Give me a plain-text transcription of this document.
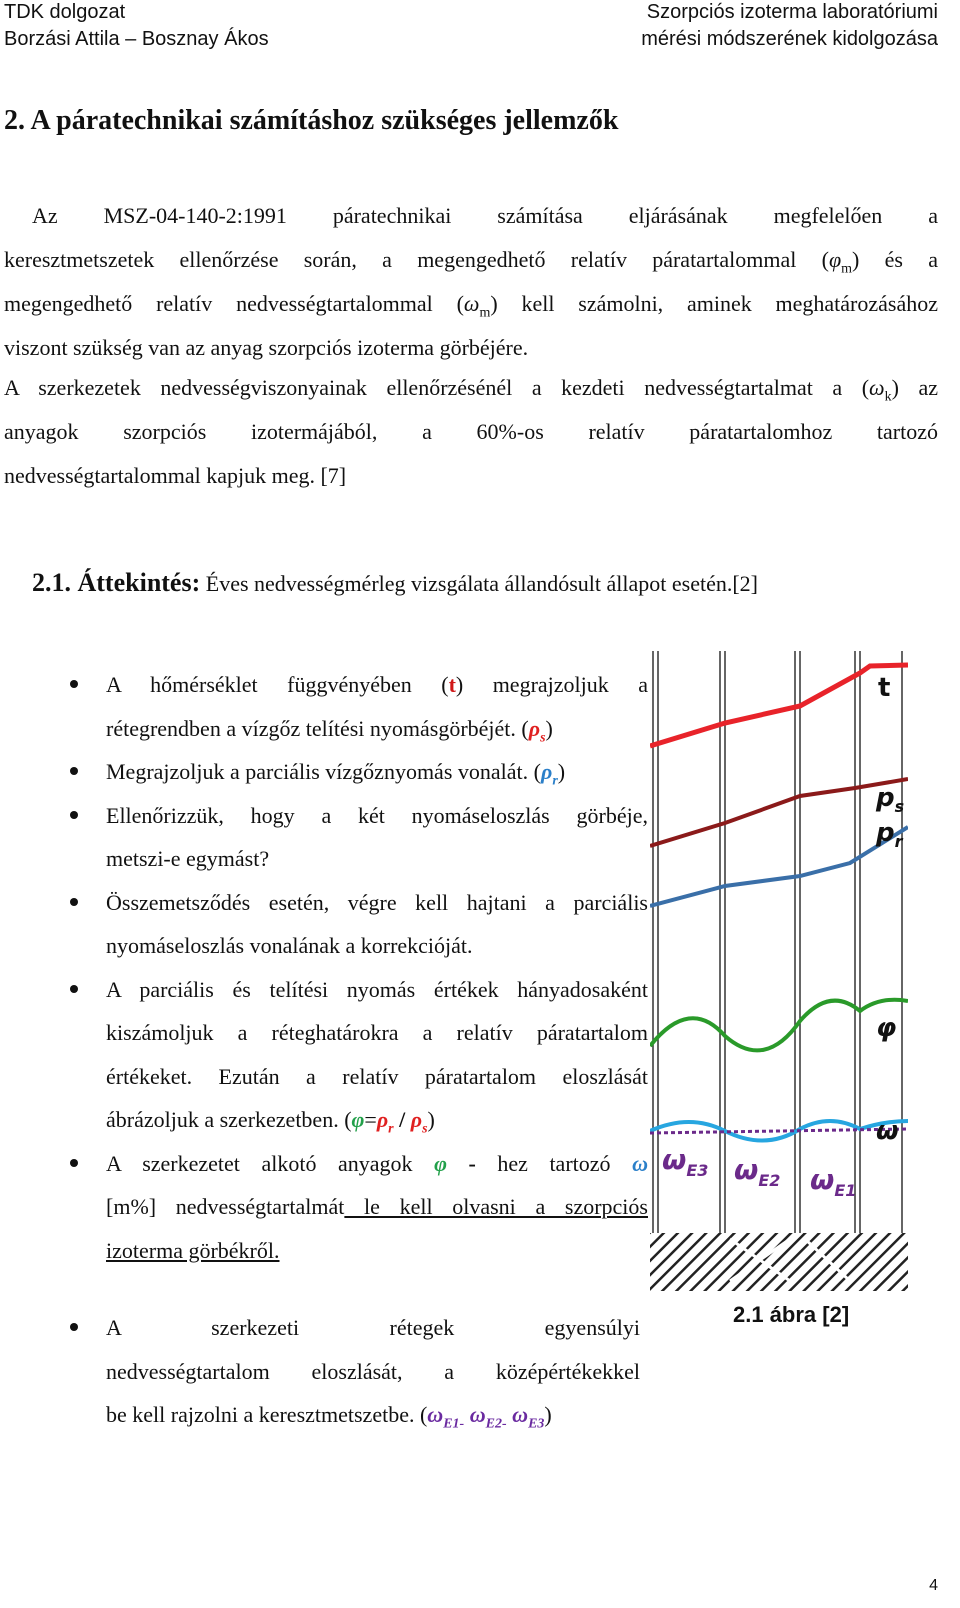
TDK dolgozat
Borzási Attila – Bosznay Ákos
Szorpciós izoterma laboratóriumi
mérési módszerének kidolgozása
2. A páratechnikai számításhoz szükséges jellemzők
Az MSZ-04-140-2:1991 páratechnikai számítása eljárásának megfelelően a
keresztmetszetek ellenőrzése során, a megengedhető relatív páratartalommal $(\varphi_m)$ és a
megengedhető relatív nedvességtartalommal $(\omega_m)$ kell számolni, aminek meghatározásához
viszont szükség van az anyag szorpciós izoterma görbéjére.
A szerkezetek nedvességviszonyainak ellenőrzésénél a kezdeti nedvességtartalmat a $(\omega_k)$ az
anyagok szorpciós izotermájából, a 60%-os relatív páratartalomhoz tartozó
nedvességtartalommal kapjuk meg. [7]
2.1. Áttekintés: Éves nedvességmérleg vizsgálata állandósult állapot esetén.[2]
A hőmérséklet függvényében (t) megrajzoljuk a
rétegrendben a vízgőz telítési nyomásgörbéjét. $(\rho_s)$
Megrajzoljuk a parciális vízgőznyomás vonalát. $(\rho_r)$
Ellenőrizzük, hogy a két nyomáseloszlás görbéje,
metszi-e egymást?
Összemetsződés esetén, végre kell hajtani a parciális
nyomáseloszlás vonalának a korrekcióját.
A parciális és telítési nyomás értékek hányadosaként
kiszámoljuk a réteghatárokra a relatív páratartalom
értékeket. Ezután a relatív páratartalom eloszlását
ábrázoljuk a szerkezetben. $(\varphi=\rho_r / \rho_s)$
A szerkezetet alkotó anyagok φ - hez tartozó ω
[m%] nedvességtartalmát le kell olvasni a szorpciós
izoterma görbékről.
A szerkezeti rétegek egyensúlyi
nedvességtartalom eloszlását, a középértékekkel
be kell rajzolni a keresztmetszetbe. ($\omega_{E1-}$ $\omega_{E2-}$ $\omega_{E3}$)
t
$p_s$
$p_r$
φ
ω
$\omega_{E3}$ $\omega_{E2}$ $\omega_{E1}$
2.1 ábra [2]
4
